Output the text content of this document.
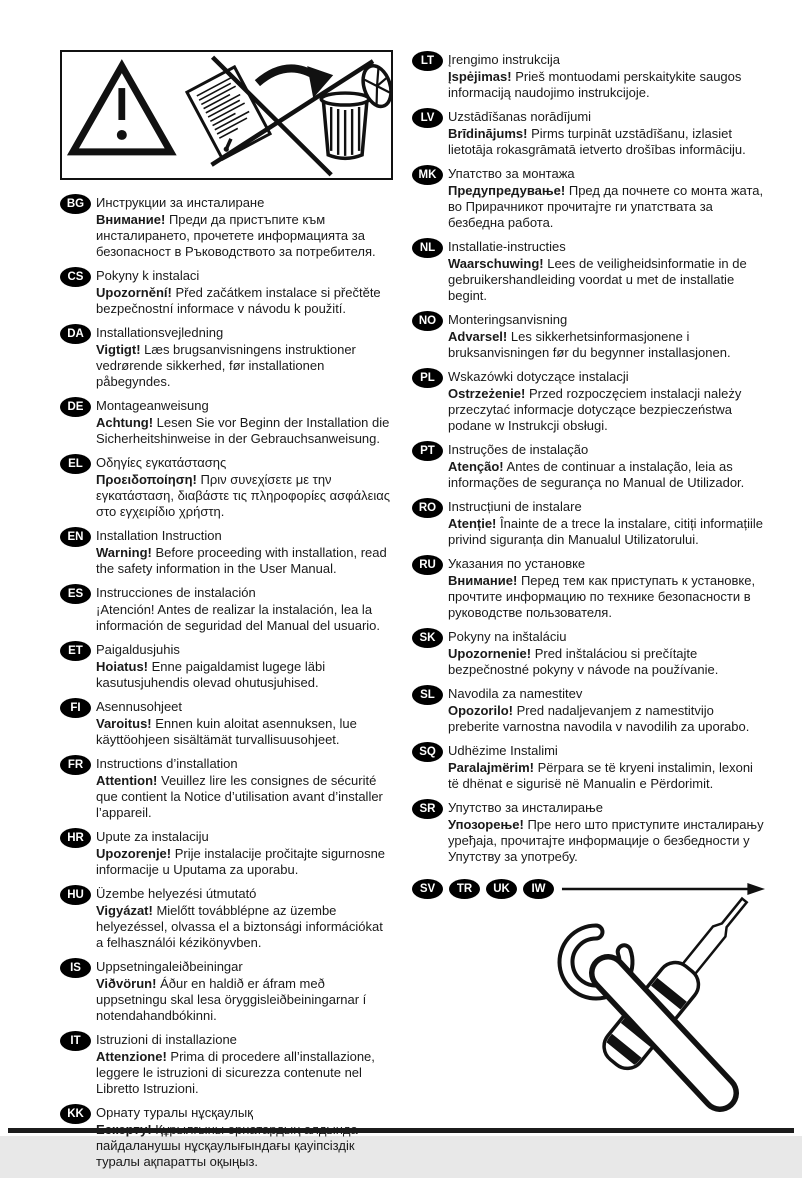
BG Инструкции за инсталиране
Внимание! Преди да пристъпите към инсталирането, прочетете информацията за безопасност в Ръководството за потребителя.
CS Pokyny k instalaci
Upozornění! Před začátkem instalace si přečtěte bezpečnostní informace v návodu k použití.
DA Installationsvejledning
Vigtigt! Læs brugsanvisningens instruktioner vedrørende sikkerhed, før installationen påbegyndes.
DE Montageanweisung
Achtung! Lesen Sie vor Beginn der Installation die Sicherheitshinweise in der Gebrauchsanweisung.
EL Οδηγίες εγκατάστασης
Προειδοποίηση! Πριν συνεχίσετε με την εγκατάσταση, διαβάστε τις πληροφορίες ασφάλειας στο εγχειρίδιο χρήστη.
EN Installation Instruction
Warning! Before proceeding with installation, read the safety information in the User Manual.
ES Instrucciones de instalación
¡Atención! Antes de realizar la instalación, lea la información de seguridad del Manual del usuario.
ET Paigaldusjuhis
Hoiatus! Enne paigaldamist lugege läbi kasutusjuhendis olevad ohutusjuhised.
FI Asennusohjeet
Varoitus! Ennen kuin aloitat asennuksen, lue käyttöohjeen sisältämät turvallisuusohjeet.
FR Instructions d’installation
Attention! Veuillez lire les consignes de sécurité que contient la Notice d’utilisation avant d’installer l’appareil.
HR Upute za instalaciju
Upozorenje! Prije instalacije pročitajte sigurnosne informacije u Uputama za uporabu.
HU Üzembe helyezési útmutató
Vigyázat! Mielőtt továbblépne az üzembe helyezéssel, olvassa el a biztonsági információkat a felhasználói kézikönyvben.
IS Uppsetningaleiðbeiningar
Viðvörun! Áður en haldið er áfram með uppsetningu skal lesa öryggisleiðbeiningarnar í notendahandbókinni.
IT Istruzioni di installazione
Attenzione! Prima di procedere all’installazione, leggere le istruzioni di sicurezza contenute nel Libretto Istruzioni.
KK Орнату туралы нұсқаулық
пайдаланушы нұсқаулығындағы қауіпсіздік туралы ақпаратты оқыңыз.
LT Įrengimo instrukcija
Įspėjimas! Prieš montuodami perskaitykite saugos informaciją naudojimo instrukcijoje.
LV Uzstādīšanas norādījumi
Brīdinājums! Pirms turpināt uzstādīšanu, izlasiet lietotāja rokasgrāmatā ietverto drošības informāciju.
MK Упатство за монтажа
Предупредување! Пред да почнете со монта жата, во Прирачникот прочитајте ги упатствата за безбедна работа.
NL Installatie-instructies
Waarschuwing! Lees de veiligheidsinformatie in de gebruikershandleiding voordat u met de installatie begint.
NO Monteringsanvisning
Advarsel! Les sikkerhetsinformasjonene i bruksanvisningen før du begynner installasjonen.
PL Wskazówki dotyczące instalacji
Ostrzeżenie! Przed rozpoczęciem instalacji należy przeczytać informacje dotyczące bezpieczeństwa podane w Instrukcji obsługi.
PT Instruções de instalação
Atenção! Antes de continuar a instalação, leia as informações de segurança no Manual de Utilizador.
RO Instrucțiuni de instalare
Atenție! Înainte de a trece la instalare, citiți informațiile privind siguranța din Manualul Utilizatorului.
RU Указания по установке
Внимание! Перед тем как приступать к установке, прочтите информацию по технике безопасности в руководстве пользователя.
SK Pokyny na inštaláciu
Upozornenie! Pred inštaláciou si prečítajte bezpečnostné pokyny v návode na používanie.
SL Navodila za namestitev
Opozorilo! Pred nadaljevanjem z namestitvijo preberite varnostna navodila v navodilih za uporabo.
SQ Udhëzime Instalimi
Paralajmërim! Përpara se të kryeni instalimin, lexoni të dhënat e sigurisë në Manualin e Përdorimit.
SR Упутство за инсталирање
Упозорење! Пре него што приступите инсталирању уређаја, прочитајте информације о безбедности у Упутству за употребу.
SV TR UK IW
